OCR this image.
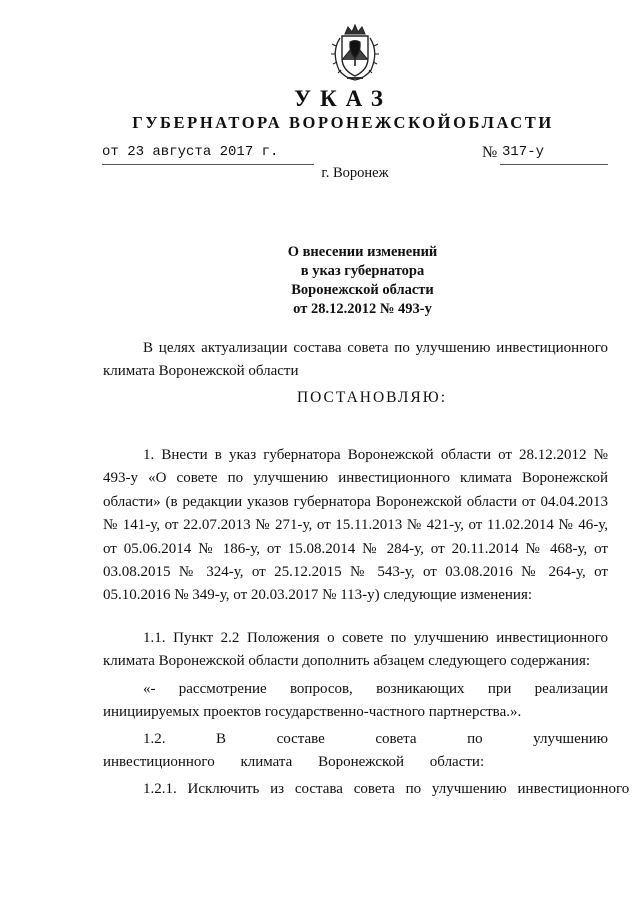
УКАЗ
ГУБЕРНАТОРА ВОРОНЕЖСКОЙОБЛАСТИ
от 23 августа 2017 г.	№ 317-у
г. Воронеж
О внесении изменений
в указ губернатора
Воронежской области
от 28.12.2012 № 493-у

В целях актуализации состава совета по улучшению инвестиционного климата Воронежской области

ПОСТАНОВЛЯЮ:

1. Внести в указ губернатора Воронежской области от 28.12.2012 № 493-у «О совете по улучшению инвестиционного климата Воронежской области» (в редакции указов губернатора Воронежской области от 04.04.2013 № 141-у, от 22.07.2013 № 271-у, от 15.11.2013 № 421-у, от 11.02.2014 № 46-у, от 05.06.2014 № 186-у, от 15.08.2014 № 284-у, от 20.11.2014 № 468-у, от 03.08.2015 № 324-у, от 25.12.2015 № 543-у, от 03.08.2016 № 264-у, от 05.10.2016 № 349-у, от 20.03.2017 № 113-у) следующие изменения:

1.1. Пункт 2.2 Положения о совете по улучшению инвестиционного климата Воронежской области дополнить абзацем следующего содержания:

«- рассмотрение вопросов, возникающих при реализации инициируемых проектов государственно-частного партнерства.».

1.2. В составе совета по улучшению инвестиционного климата Воронежской области:

1.2.1. Исключить из состава совета по улучшению инвестиционного
